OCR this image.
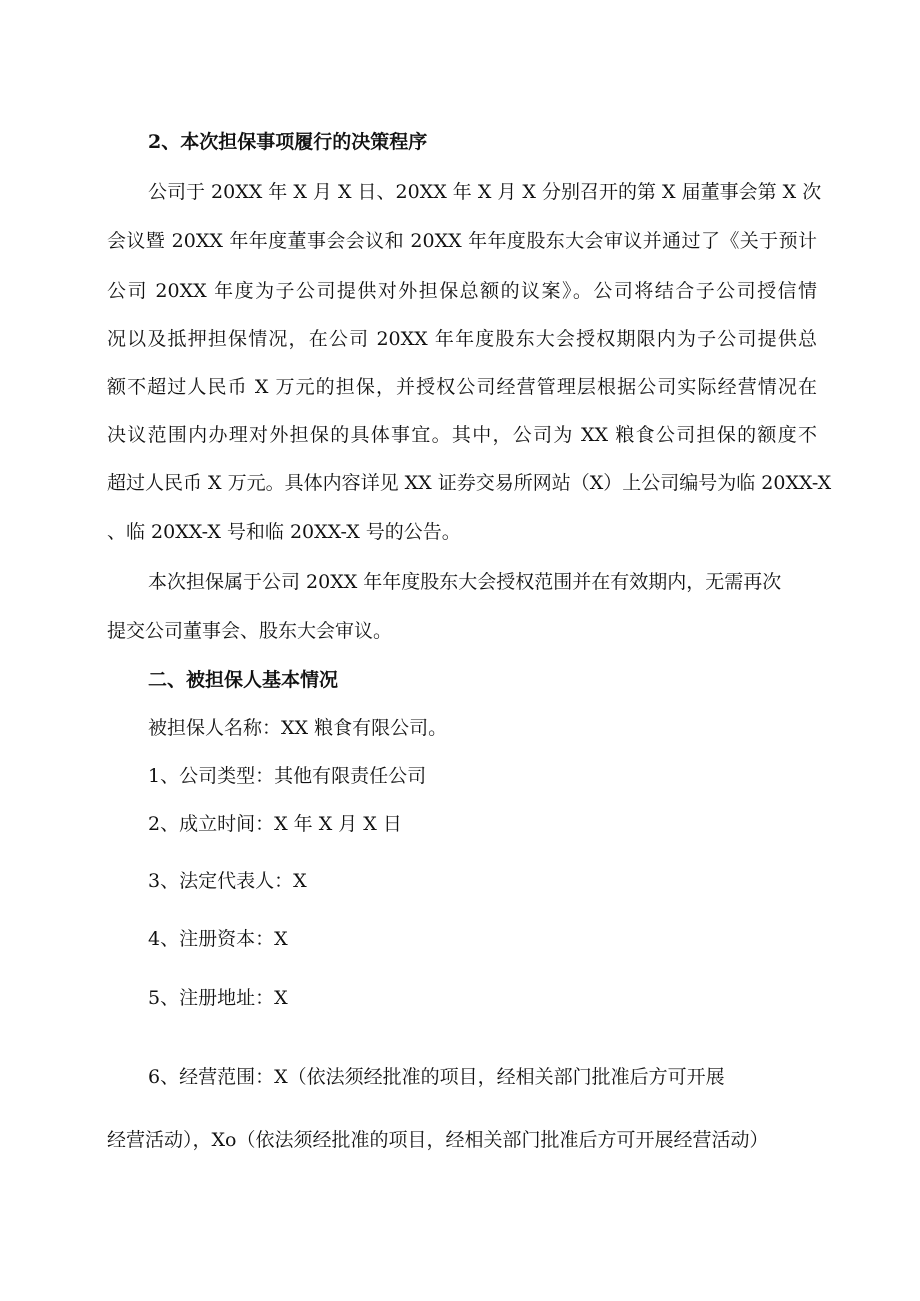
2、本次担保事项履行的决策程序
公司于 20XX 年 X 月 X 日、20XX 年 X 月 X 分别召开的第 X 届董事会第 X 次
会议暨 20XX 年年度董事会会议和 20XX 年年度股东大会审议并通过了《关于预计
公司 20XX 年度为子公司提供对外担保总额的议案》。公司将结合子公司授信情
况以及抵押担保情况，在公司 20XX 年年度股东大会授权期限内为子公司提供总
额不超过人民币 X 万元的担保，并授权公司经营管理层根据公司实际经营情况在
决议范围内办理对外担保的具体事宜。其中，公司为 XX 粮食公司担保的额度不
超过人民币 X 万元。具体内容详见 XX 证券交易所网站（X）上公司编号为临 20XX-X
、临 20XX-X 号和临 20XX-X 号的公告。
本次担保属于公司 20XX 年年度股东大会授权范围并在有效期内，无需再次
提交公司董事会、股东大会审议。
二、被担保人基本情况
被担保人名称：XX 粮食有限公司。
1、公司类型：其他有限责任公司
2、成立时间：X 年 X 月 X 日
3、法定代表人：X
4、注册资本：X
5、注册地址：X
6、经营范围：X（依法须经批准的项目，经相关部门批准后方可开展
经营活动），Xo（依法须经批准的项目，经相关部门批准后方可开展经营活动）
